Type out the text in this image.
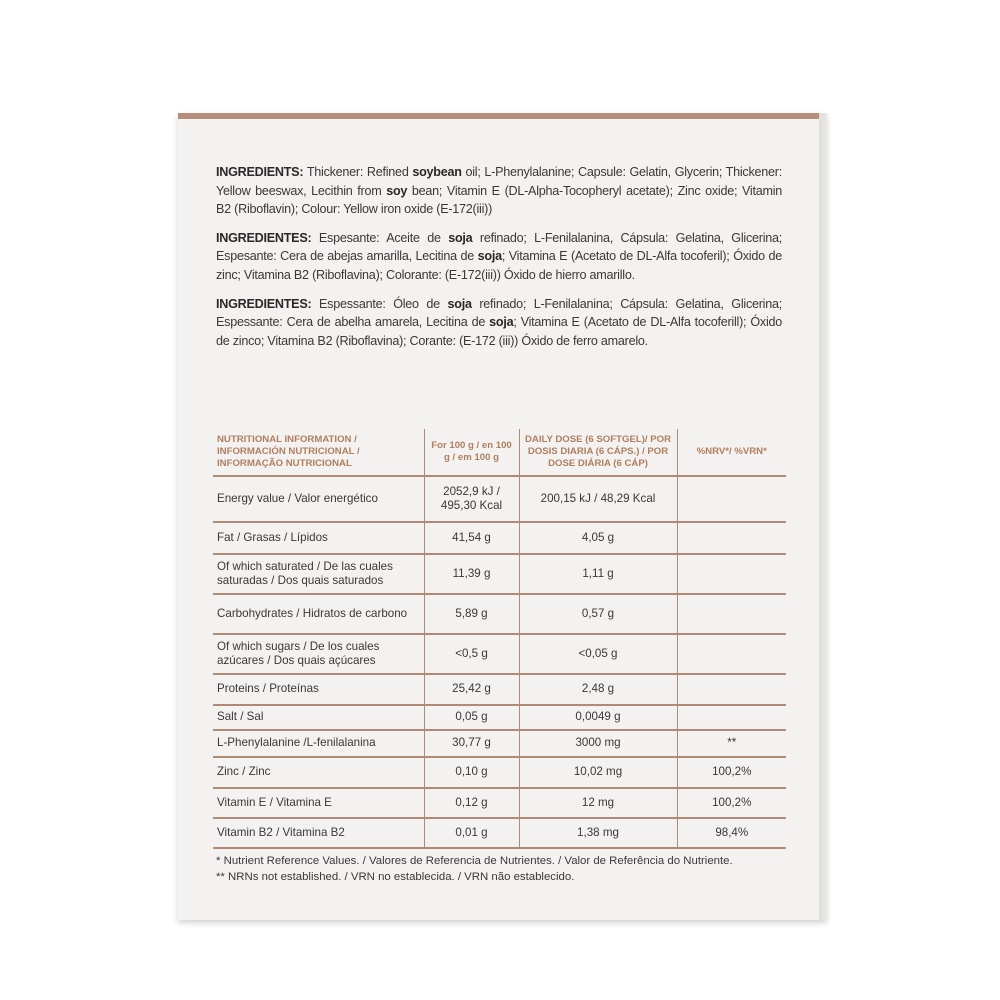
INGREDIENTS: Thickener: Refined soybean oil; L-Phenylalanine; Capsule: Gelatin, Glycerin; Thickener: Yellow beeswax, Lecithin from soy bean; Vitamin E (DL-Alpha-Tocopheryl acetate); Zinc oxide; Vitamin B2 (Riboflavin); Colour: Yellow iron oxide (E-172(iii))

INGREDIENTES: Espesante: Aceite de soja refinado; L-Fenilalanina, Cápsula: Gelatina, Glicerina; Espesante: Cera de abejas amarilla, Lecitina de soja; Vitamina E (Acetato de DL-Alfa tocoferil); Óxido de zinc; Vitamina B2 (Riboflavina); Colorante: (E-172(iii)) Óxido de hierro amarillo.

INGREDIENTES: Espessante: Óleo de soja refinado; L-Fenilalanina; Cápsula: Gelatina, Glicerina; Espessante: Cera de abelha amarela, Lecitina de soja; Vitamina E (Acetato de DL-Alfa tocoferill); Óxido de zinco; Vitamina B2 (Riboflavina); Corante: (E-172 (iii)) Óxido de ferro amarelo.

NUTRITIONAL INFORMATION / INFORMACIÓN NUTRICIONAL / INFORMAÇÃO NUTRICIONAL	For 100 g / en 100 g / em 100 g	DAILY DOSE (6 SOFTGEL)/ POR DOSIS DIARIA (6 CÁPS.) / POR DOSE DIÁRIA (6 CÁP)	%NRV*/ %VRN*
Energy value / Valor energético	2052,9 kJ / 495,30 Kcal	200,15 kJ / 48,29 Kcal	
Fat / Grasas / Lípidos	41,54 g	4,05 g	
Of which saturated / De las cuales saturadas / Dos quais saturados	11,39 g	1,11 g	
Carbohydrates / Hidratos de carbono	5,89 g	0,57 g	
Of which sugars / De los cuales azúcares / Dos quais açúcares	<0,5 g	<0,05 g	
Proteins / Proteínas	25,42 g	2,48 g	
Salt / Sal	0,05 g	0,0049 g	
L-Phenylalanine /L-fenilalanina	30,77 g	3000 mg	**
Zinc / Zinc	0,10 g	10,02 mg	100,2%
Vitamin E / Vitamina E	0,12 g	12 mg	100,2%
Vitamin B2 / Vitamina B2	0,01 g	1,38 mg	98,4%
* Nutrient Reference Values. / Valores de Referencia de Nutrientes. / Valor de Referência do Nutriente.
** NRNs not established. / VRN no establecida. / VRN não establecido.
